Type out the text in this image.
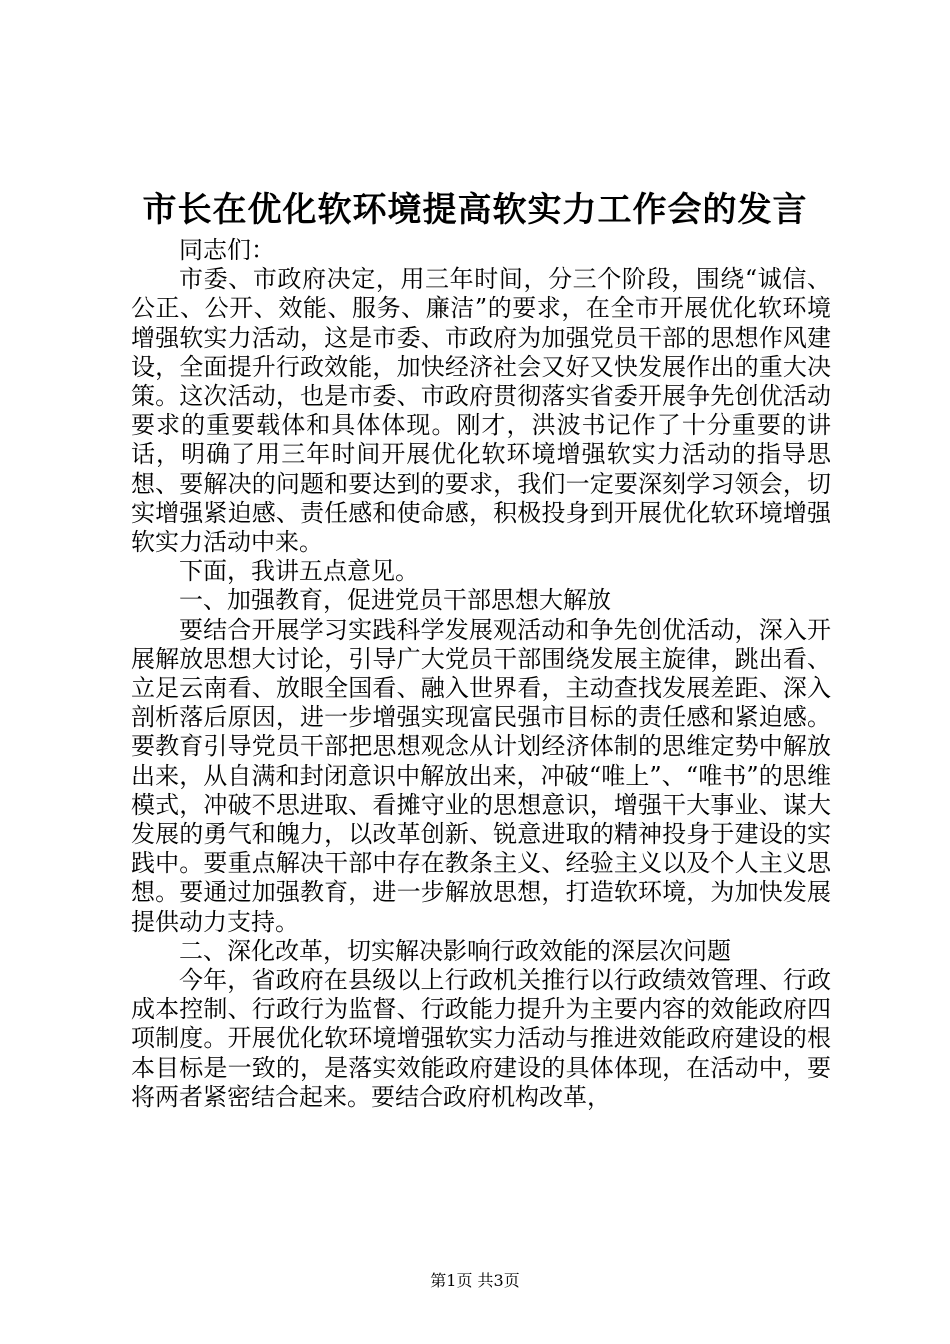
市长在优化软环境提高软实力工作会的发言

同志们：

市委、市政府决定，用三年时间，分三个阶段，围绕“诚信、公正、公开、效能、服务、廉洁”的要求，在全市开展优化软环境增强软实力活动，这是市委、市政府为加强党员干部的思想作风建设，全面提升行政效能，加快经济社会又好又快发展作出的重大决策。这次活动，也是市委、市政府贯彻落实省委开展争先创优活动要求的重要载体和具体体现。刚才，洪波书记作了十分重要的讲话，明确了用三年时间开展优化软环境增强软实力活动的指导思想、要解决的问题和要达到的要求，我们一定要深刻学习领会，切实增强紧迫感、责任感和使命感，积极投身到开展优化软环境增强软实力活动中来。

下面，我讲五点意见。

一、加强教育，促进党员干部思想大解放

要结合开展学习实践科学发展观活动和争先创优活动，深入开展解放思想大讨论，引导广大党员干部围绕发展主旋律，跳出看、立足云南看、放眼全国看、融入世界看，主动查找发展差距、深入剖析落后原因，进一步增强实现富民强市目标的责任感和紧迫感。要教育引导党员干部把思想观念从计划经济体制的思维定势中解放出来，从自满和封闭意识中解放出来，冲破“唯上”、“唯书”的思维模式，冲破不思进取、看摊守业的思想意识，增强干大事业、谋大发展的勇气和魄力，以改革创新、锐意进取的精神投身于建设的实践中。要重点解决干部中存在教条主义、经验主义以及个人主义思想。要通过加强教育，进一步解放思想，打造软环境，为加快发展提供动力支持。

二、深化改革，切实解决影响行政效能的深层次问题

今年，省政府在县级以上行政机关推行以行政绩效管理、行政成本控制、行政行为监督、行政能力提升为主要内容的效能政府四项制度。开展优化软环境增强软实力活动与推进效能政府建设的根本目标是一致的，是落实效能政府建设的具体体现，在活动中，要将两者紧密结合起来。要结合政府机构改革，

第1页 共3页
